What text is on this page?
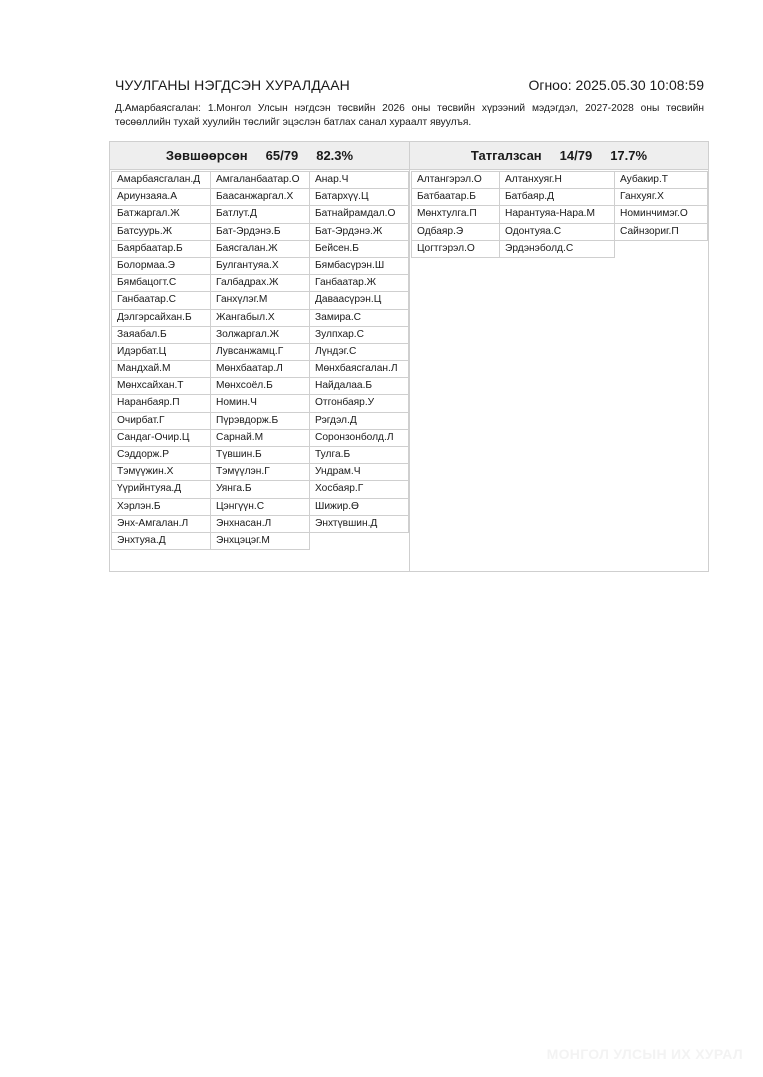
ЧУУЛГАНЫ НЭГДСЭН ХУРАЛДААН	Огноо: 2025.05.30 10:08:59
Д.Амарбаясгалан: 1.Монгол Улсын нэгдсэн төсвийн 2026 оны төсвийн хүрээний мэдэгдэл, 2027-2028 оны төсвийн төсөөллийн тухай хуулийн төслийг эцэслэн батлах санал хураалт явуулъя.
Зөвшөөрсөн 65/79 82.3%
Амарбаясгалан.Д	Амгаланбаатар.О	Анар.Ч
Ариунзаяа.А	Баасанжаргал.Х	Батархүү.Ц
Батжаргал.Ж	Батлут.Д	Батнайрамдал.О
Батсуурь.Ж	Бат-Эрдэнэ.Б	Бат-Эрдэнэ.Ж
Баярбаатар.Б	Баясгалан.Ж	Бейсен.Б
Болормаа.Э	Булгантуяа.Х	Бямбасүрэн.Ш
Бямбацогт.С	Галбадрах.Ж	Ганбаатар.Ж
Ганбаатар.С	Ганхүлэг.М	Даваасүрэн.Ц
Дэлгэрсайхан.Б	Жангабыл.Х	Замира.С
Заяабал.Б	Золжаргал.Ж	Зулпхар.С
Идэрбат.Ц	Лувсанжамц.Г	Лүндэг.С
Мандхай.М	Мөнхбаатар.Л	Мөнхбаясгалан.Л
Мөнхсайхан.Т	Мөнхсоёл.Б	Найдалаа.Б
Наранбаяр.П	Номин.Ч	Отгонбаяр.У
Очирбат.Г	Пүрэвдорж.Б	Рэгдэл.Д
Сандаг-Очир.Ц	Сарнай.М	Соронзонболд.Л
Сэддорж.Р	Түвшин.Б	Тулга.Б
Тэмүүжин.Х	Тэмүүлэн.Г	Ундрам.Ч
Үүрийнтуяа.Д	Уянга.Б	Хосбаяр.Г
Хэрлэн.Б	Цэнгүүн.С	Шижир.Ө
Энх-Амгалан.Л	Энхнасан.Л	Энхтүвшин.Д
Энхтуяа.Д	Энхцэцэг.М
Татгалзсан 14/79 17.7%
Алтангэрэл.О	Алтанхуяг.Н	Аубакир.Т
Батбаатар.Б	Батбаяр.Д	Ганхуяг.Х
Мөнхтулга.П	Нарантуяа-Нара.М	Номинчимэг.О
Одбаяр.Э	Одонтуяа.С	Сайнзориг.П
Цогтгэрэл.О	Эрдэнэболд.С
МОНГОЛ УЛСЫН ИХ ХУРАЛ
